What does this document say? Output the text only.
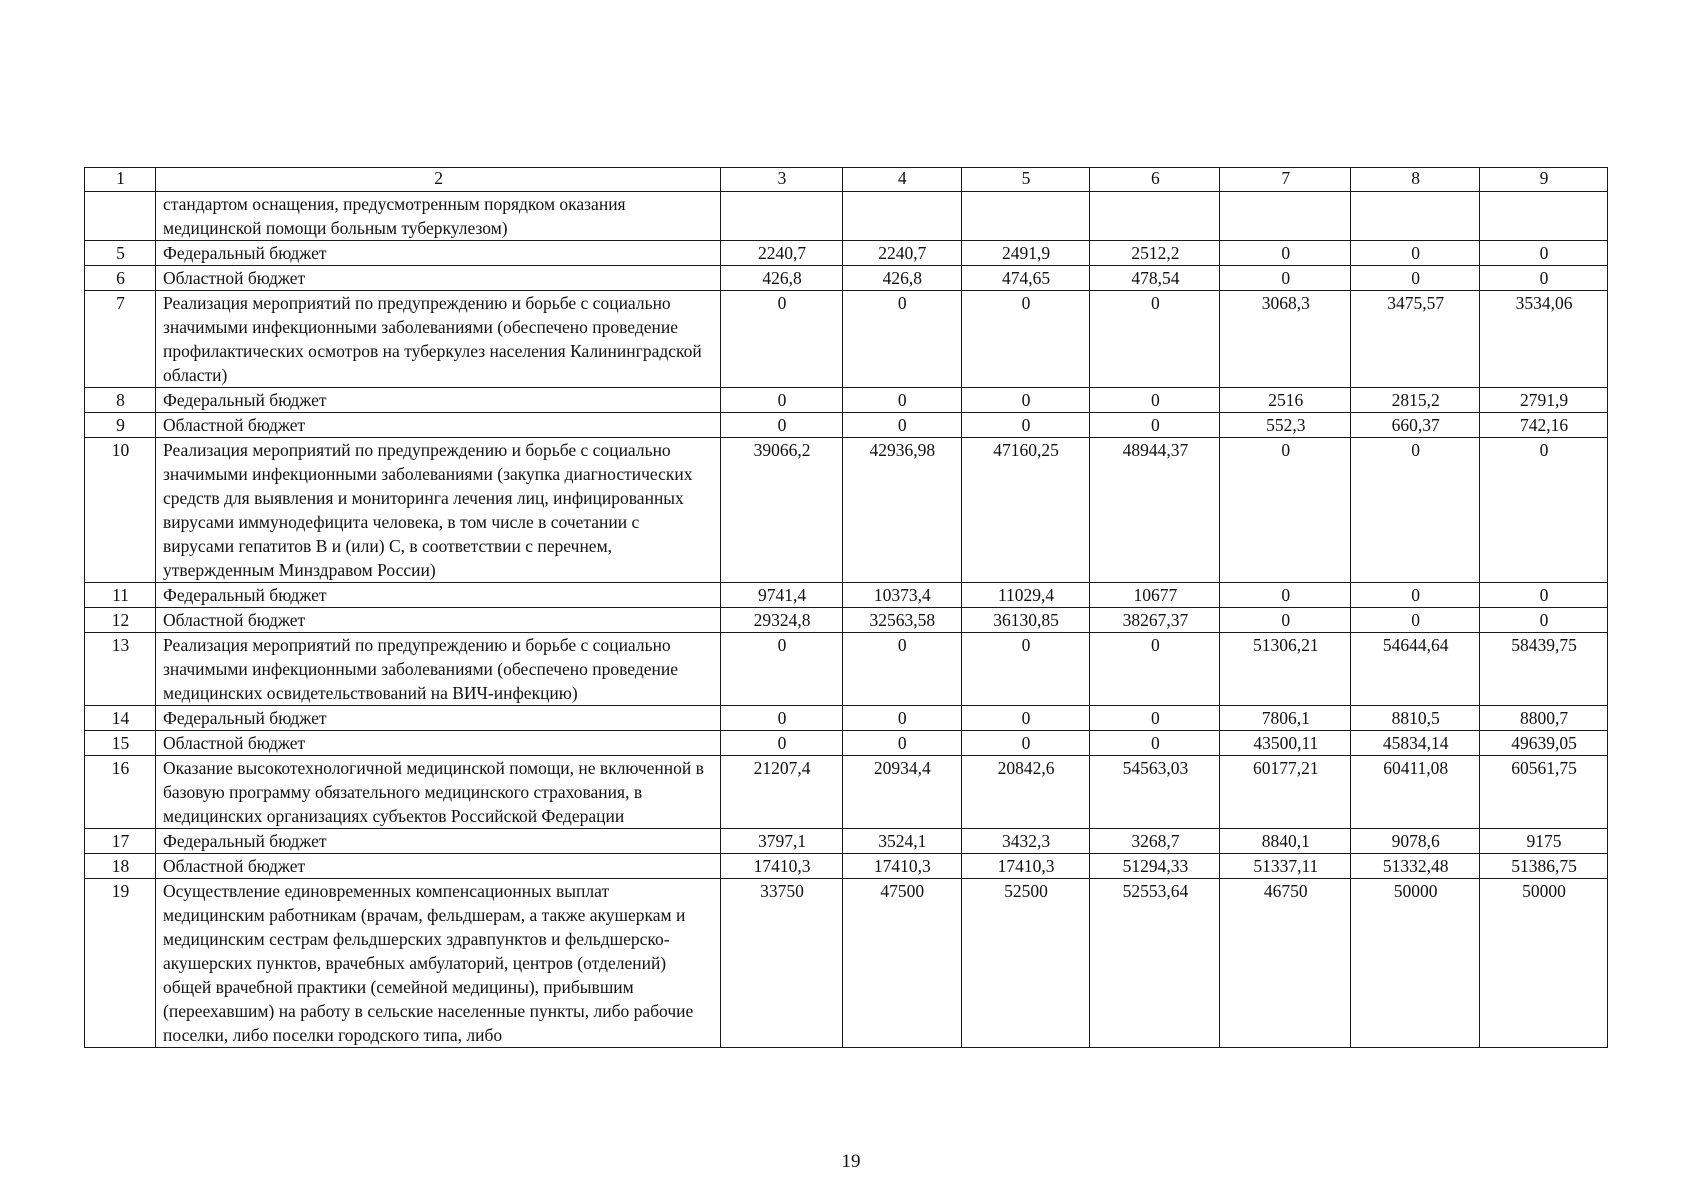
1	2	3	4	5	6	7	8	9
	стандартом оснащения, предусмотренным порядком оказания медицинской помощи больным туберкулезом)							
5	Федеральный бюджет	2240,7	2240,7	2491,9	2512,2	0	0	0
6	Областной бюджет	426,8	426,8	474,65	478,54	0	0	0
7	Реализация мероприятий по предупреждению и борьбе с социально значимыми инфекционными заболеваниями (обеспечено проведение профилактических осмотров на туберкулез населения Калининградской области)	0	0	0	0	3068,3	3475,57	3534,06
8	Федеральный бюджет	0	0	0	0	2516	2815,2	2791,9
9	Областной бюджет	0	0	0	0	552,3	660,37	742,16
10	Реализация мероприятий по предупреждению и борьбе с социально значимыми инфекционными заболеваниями (закупка диагностических средств для выявления и мониторинга лечения лиц, инфицированных вирусами иммунодефицита человека, в том числе в сочетании с вирусами гепатитов В и (или) С, в соответствии с перечнем, утвержденным Минздравом России)	39066,2	42936,98	47160,25	48944,37	0	0	0
11	Федеральный бюджет	9741,4	10373,4	11029,4	10677	0	0	0
12	Областной бюджет	29324,8	32563,58	36130,85	38267,37	0	0	0
13	Реализация мероприятий по предупреждению и борьбе с социально значимыми инфекционными заболеваниями (обеспечено проведение медицинских освидетельствований на ВИЧ-инфекцию)	0	0	0	0	51306,21	54644,64	58439,75
14	Федеральный бюджет	0	0	0	0	7806,1	8810,5	8800,7
15	Областной бюджет	0	0	0	0	43500,11	45834,14	49639,05
16	Оказание высокотехнологичной медицинской помощи, не включенной в базовую программу обязательного медицинского страхования, в медицинских организациях субъектов Российской Федерации	21207,4	20934,4	20842,6	54563,03	60177,21	60411,08	60561,75
17	Федеральный бюджет	3797,1	3524,1	3432,3	3268,7	8840,1	9078,6	9175
18	Областной бюджет	17410,3	17410,3	17410,3	51294,33	51337,11	51332,48	51386,75
19	Осуществление единовременных компенсационных выплат медицинским работникам (врачам, фельдшерам, а также акушеркам и медицинским сестрам фельдшерских здравпунктов и фельдшерско-акушерских пунктов, врачебных амбулаторий, центров (отделений) общей врачебной практики (семейной медицины), прибывшим (переехавшим) на работу в сельские населенные пункты, либо рабочие поселки, либо поселки городского типа, либо	33750	47500	52500	52553,64	46750	50000	50000
19
